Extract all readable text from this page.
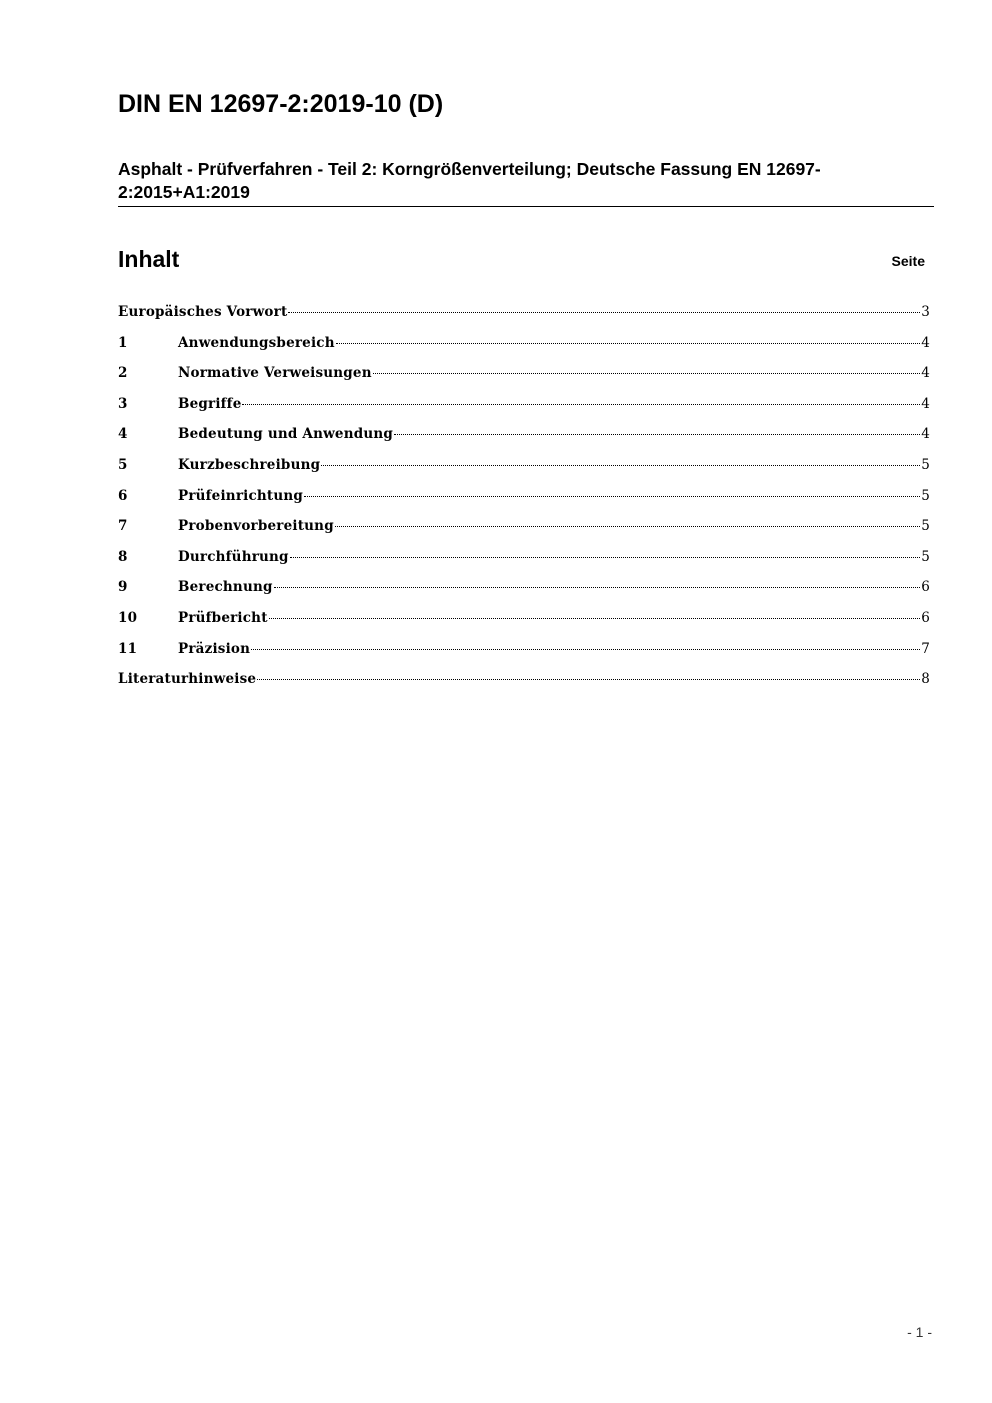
DIN EN 12697-2:2019-10 (D)
Asphalt - Prüfverfahren - Teil 2: Korngrößenverteilung; Deutsche Fassung EN 12697-
2:2015+A1:2019
Inhalt	Seite
Europäisches Vorwort	3
1	Anwendungsbereich	4
2	Normative Verweisungen	4
3	Begriffe	4
4	Bedeutung und Anwendung	4
5	Kurzbeschreibung	5
6	Prüfeinrichtung	5
7	Probenvorbereitung	5
8	Durchführung	5
9	Berechnung	6
10	Prüfbericht	6
11	Präzision	7
Literaturhinweise	8
- 1 -
